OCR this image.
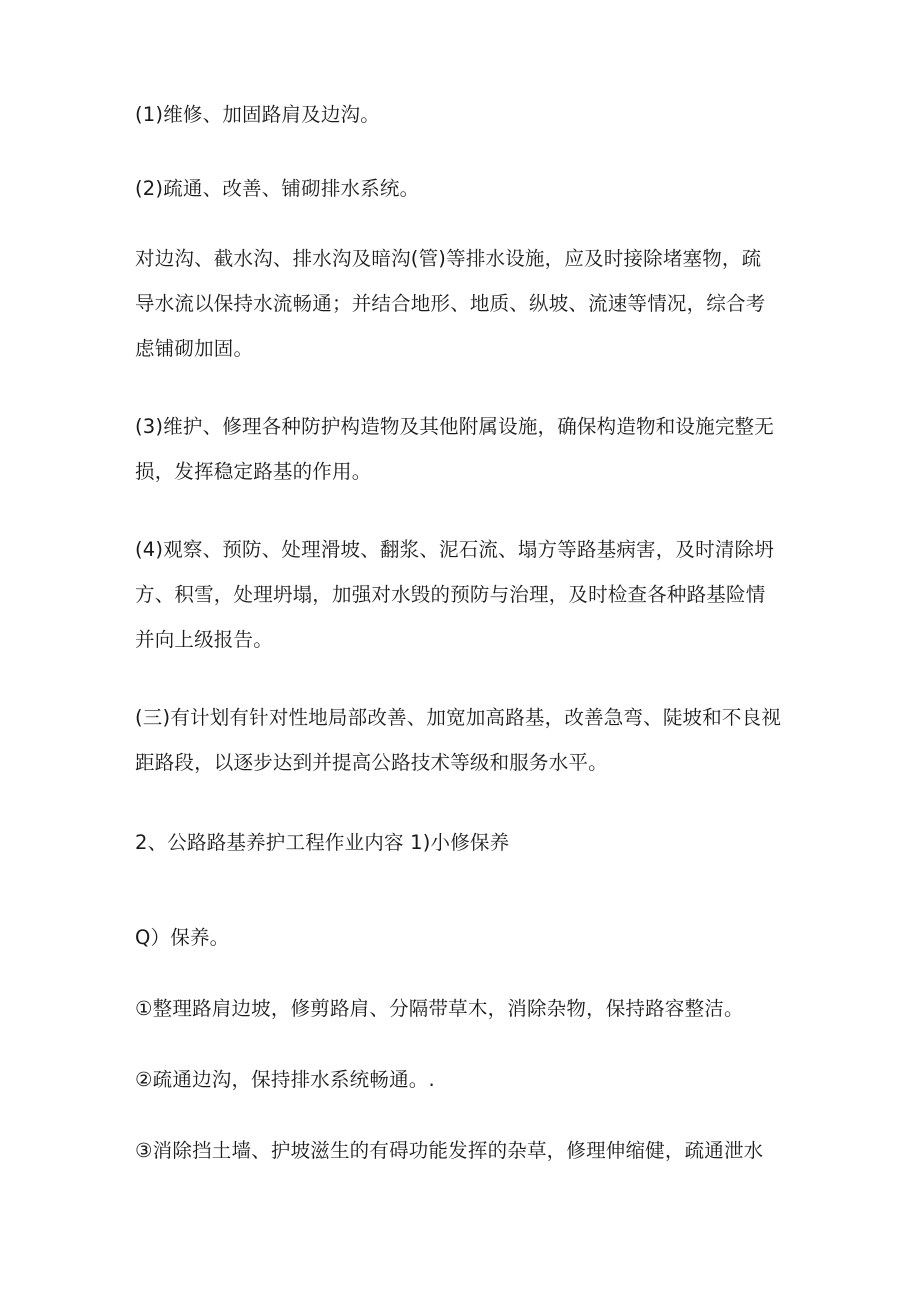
(1)维修、加固路肩及边沟。

(2)疏通、改善、铺砌排水系统。

对边沟、截水沟、排水沟及暗沟(管)等排水设施，应及时接除堵塞物，疏
导水流以保持水流畅通；并结合地形、地质、纵坡、流速等情况，综合考
虑铺砌加固。

(3)维护、修理各种防护构造物及其他附属设施，确保构造物和设施完整无
损，发挥稳定路基的作用。

(4)观察、预防、处理滑坡、翻浆、泥石流、塌方等路基病害，及时清除坍
方、积雪，处理坍塌，加强对水毁的预防与治理，及时检查各种路基险情
并向上级报告。

(三)有计划有针对性地局部改善、加宽加高路基，改善急弯、陡坡和不良视
距路段，以逐步达到并提高公路技术等级和服务水平。

2、公路路基养护工程作业内容 1)小修保养

Q）保养。

①整理路肩边坡，修剪路肩、分隔带草木，消除杂物，保持路容整洁。

②疏通边沟，保持排水系统畅通。.

③消除挡土墙、护坡滋生的有碍功能发挥的杂草，修理伸缩健，疏通泄水
